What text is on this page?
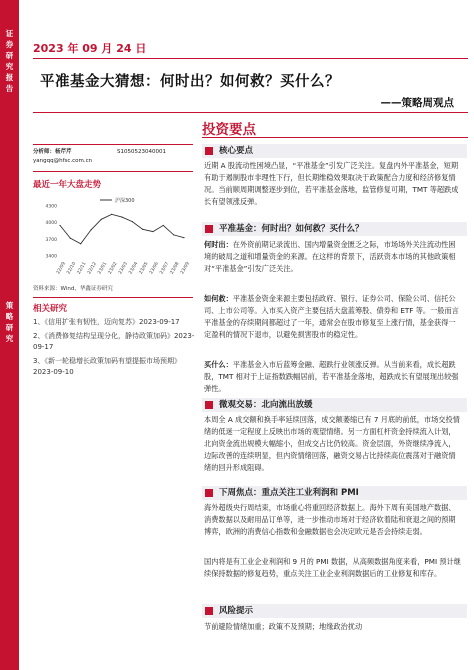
证
券
研
究
报
告
策
略
研
究
2023 年 09 月 24 日
平准基金大猜想：何时出？如何救？买什么？
——策略周观点
分析师：杨芹芹	S1050523040001
yangqq@hfsc.com.cn
最近一年大盘走势
3400
3700
4000
4300
22/09 22/10 22/11 22/12 23/01 23/02 23/03 23/04 23/05 23/06 23/07 23/08 23/09
沪深300
资料来源：Wind，华鑫证券研究
相关研究
1、《信用扩张有韧性，迈向复苏》2023-09-17
2、《消费修复结构呈现分化，静待政策加码》2023-09-17
3、《新一轮稳增长政策加码有望提振市场预期》2023-09-10
投资要点
核心要点
近期 A 股流动性困境凸显，“平准基金”引发广泛关注。复盘内外平准基金，短期有助于遏制股市非理性下行，但长期维稳效果取决于政策配合力度和经济修复情况。当前顺周期调整逐步到位，若平准基金落地，监管修复可期，TMT 等超跌成长有望领涨反弹。
平准基金：何时出？如何救？买什么？
何时出：在外资前期记录流出、国内增量资金匮乏之际，市场场外关注流动性困境的破局之道和增量资金的来源。在这样的背景下，活跃资本市场的其他政策相对“平准基金”引发广泛关注。
如何救：平准基金资金来源主要包括政府、银行、证券公司、保险公司、信托公司、上市公司等。入市买入资产主要包括大盘蓝筹股、债券和 ETF 等。一般而言平准基金的存续期间都超过了一年，通常会在股市修复至上涨行情，基金获得一定盈利的情况下退市，以避免损害股市的稳定性。
买什么：平准基金入市后蓝筹金融、超跌行业领涨反弹。从当前来看，成长超跌股，TMT 相对于上证指数跌幅居前，若平准基金落地，超跌成长有望展现出较强弹性。
微观交易：北向流出放缓
本周全 A 成交额和换手率延续回落，成交额萎缩已有 7 月底的前低，市场交投情绪的低迷一定程度上反映出市场的观望情绪。另一方面杠杆资金持续流入计划，北向资金流出规模大幅缩小，但成交占比仍较高。资金层面，外资继续净流入，边际改善的连续明显，但内资情绪回落，融资交易占比持续高位震荡对于融资情绪的回升形成阻碍。
下周焦点：重点关注工业利润和 PMI
海外超级央行周结束，市场重心将重回经济数据上。海外下周有美国地产数据、消费数据以及耐用品订单等，进一步推动市场对于经济软着陆和衰退之间的预期博弈，欧洲的消费信心指数和金融数据也会决定欧元是否会持续走弱。
国内将是有工业企业利润和 9 月的 PMI 数据，从高频数据角度来看，PMI 预计继续保持数据的修复趋势，重点关注工业企业利润数据后的工业修复和库存。
风险提示
节前避险情绪加重；政策不及预期；地缘政治扰动
